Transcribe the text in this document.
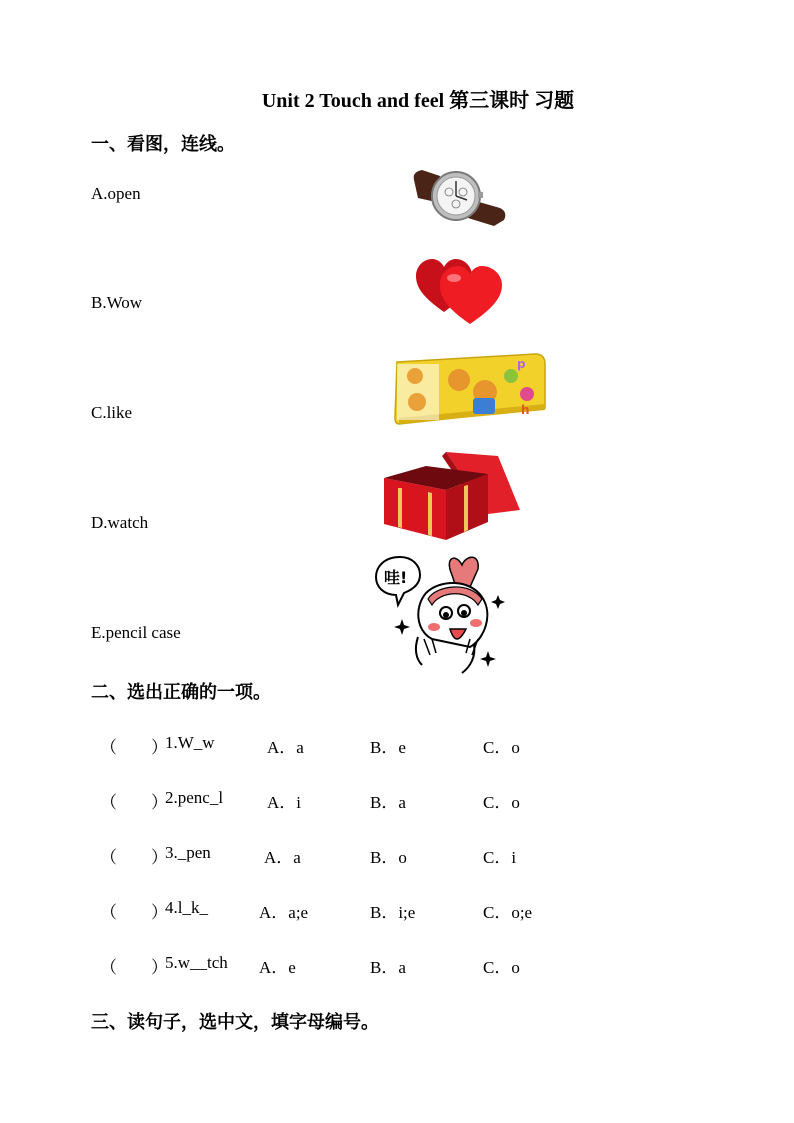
Unit 2 Touch and feel 第三课时 习题
一、看图，连线。
A.open
B.Wow
C.like
D.watch
E.pencil case
p
h
哇!
二、选出正确的一项。
（        ）
1.W_w	A．a	B．e	C．o
（        ）
2.penc_l	A．i	B．a	C．o
（        ）
3._pen	A．a	B．o	C．i
（        ）
4.l_k_	A．a;e	B．i;e	C．o;e
（        ）
5.w__tch A．e	B．a	C．o
三、读句子，选中文，填字母编号。
